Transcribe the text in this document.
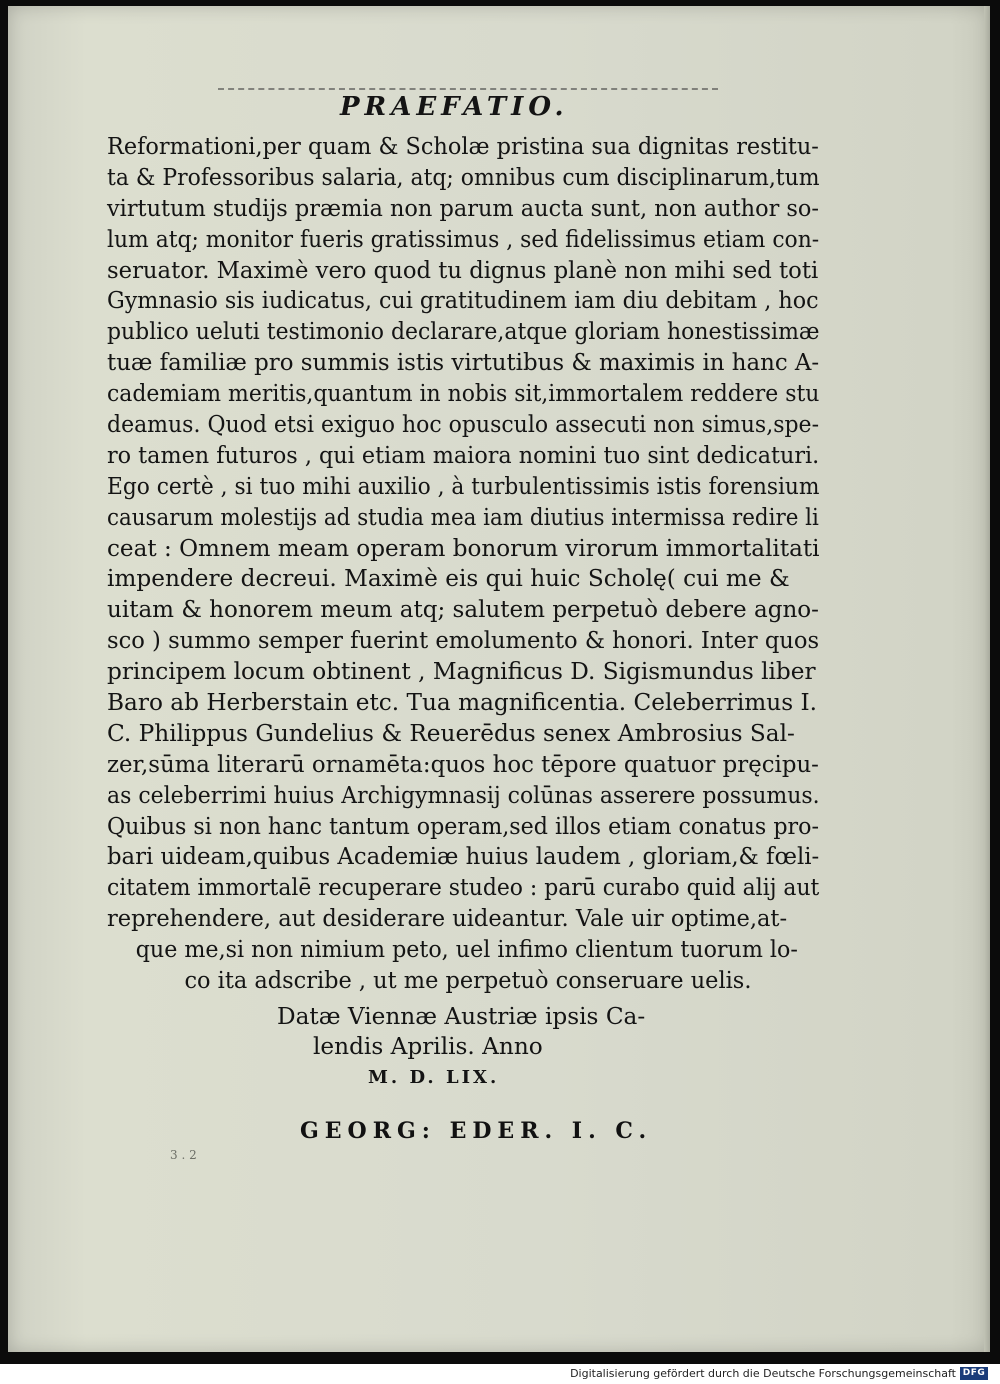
PRAEFATIO.
Reformationi,per quam & Scholæ pristina sua dignitas restitu-
ta & Professoribus salaria, atq; omnibus cum disciplinarum,tum
virtutum studijs præmia non parum aucta sunt, non author so-
lum atq; monitor fueris gratissimus , sed fidelissimus etiam con-
seruator. Maximè vero quod tu dignus planè non mihi sed toti
Gymnasio sis iudicatus, cui gratitudinem iam diu debitam , hoc
publico ueluti testimonio declarare,atque gloriam honestissimæ
tuæ familiæ pro summis istis virtutibus & maximis in hanc A-
cademiam meritis,quantum in nobis sit,immortalem reddere stu
deamus. Quod etsi exiguo hoc opusculo assecuti non simus,spe-
ro tamen futuros , qui etiam maiora nomini tuo sint dedicaturi.
Ego certè , si tuo mihi auxilio , à turbulentissimis istis forensium
causarum molestijs ad studia mea iam diutius intermissa redire li
ceat : Omnem meam operam bonorum virorum immortalitati
impendere decreui. Maximè eis qui huic Scholę( cui me &
uitam & honorem meum atq; salutem perpetuò debere agno-
sco ) summo semper fuerint emolumento & honori. Inter quos
principem locum obtinent , Magnificus D. Sigismundus liber
Baro ab Herberstain etc. Tua magnificentia. Celeberrimus I.
C. Philippus Gundelius & Reuerēdus senex Ambrosius Sal-
zer,sūma literarū ornamēta:quos hoc tēpore quatuor pręcipu-
as celeberrimi huius Archigymnasij colūnas asserere possumus.
Quibus si non hanc tantum operam,sed illos etiam conatus pro-
bari uideam,quibus Academiæ huius laudem , gloriam,& fœli-
citatem immortalē recuperare studeo : parū curabo quid alij aut
reprehendere, aut desiderare uideantur. Vale uir optime,at-
que me,si non nimium peto, uel infimo clientum tuorum lo-
co ita adscribe , ut me perpetuò conseruare uelis.
Datæ Viennæ Austriæ ipsis Ca-
lendis Aprilis. Anno
M. D. LIX.
GEORG: EDER. I. C.
3 . 2
Digitalisierung gefördert durch die Deutsche Forschungsgemeinschaft DFG
